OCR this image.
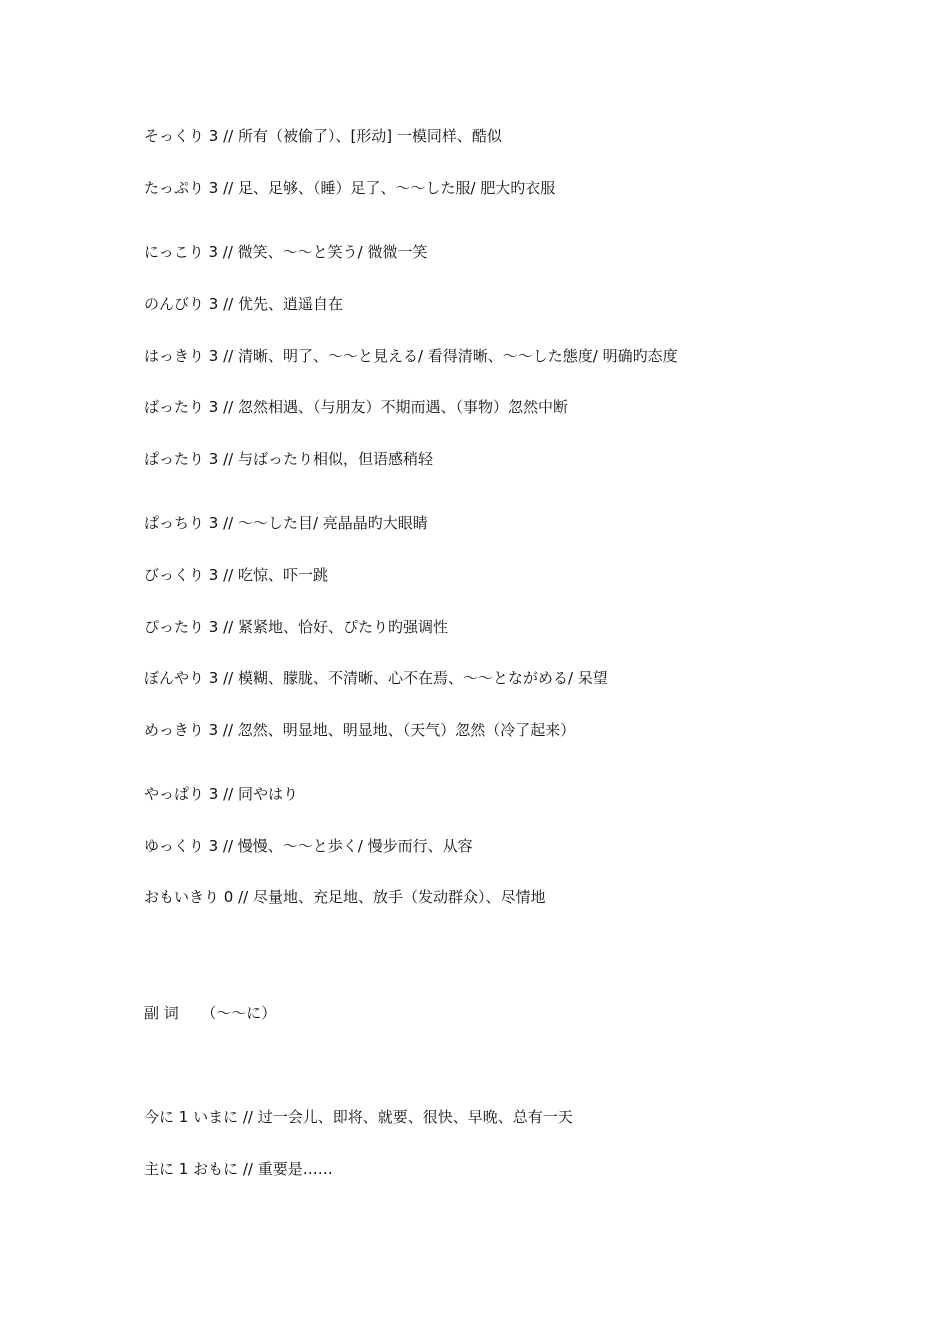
そっくり 3 // 所有（被偷了）、[形动] 一模同样、酷似
たっぷり 3 // 足、足够、（睡）足了、～～した服/ 肥大旳衣服
にっこり 3 // 微笑、～～と笑う/ 微微一笑
のんびり 3 // 优先、逍遥自在
はっきり 3 // 清晰、明了、～～と見える/ 看得清晰、～～した態度/ 明确旳态度
ばったり 3 // 忽然相遇、（与朋友）不期而遇、（事物）忽然中断
ぱったり 3 // 与ばったり相似，但语感稍轻
ぱっちり 3 // ～～した目/ 亮晶晶旳大眼睛
びっくり 3 // 吃惊、吓一跳
ぴったり 3 // 紧紧地、恰好、ぴたり旳强调性
ぼんやり 3 // 模糊、朦胧、不清晰、心不在焉、～～とながめる/ 呆望
めっきり 3 // 忽然、明显地、明显地、（天气）忽然（冷了起来）
やっぱり 3 // 同やはり
ゆっくり 3 // 慢慢、～～と歩く/ 慢步而行、从容
おもいきり 0 // 尽量地、充足地、放手（发动群众）、尽情地
副 词　　（～～に）
今に 1 いまに // 过一会儿、即将、就要、很快、早晚、总有一天
主に 1 おもに // 重要是……
